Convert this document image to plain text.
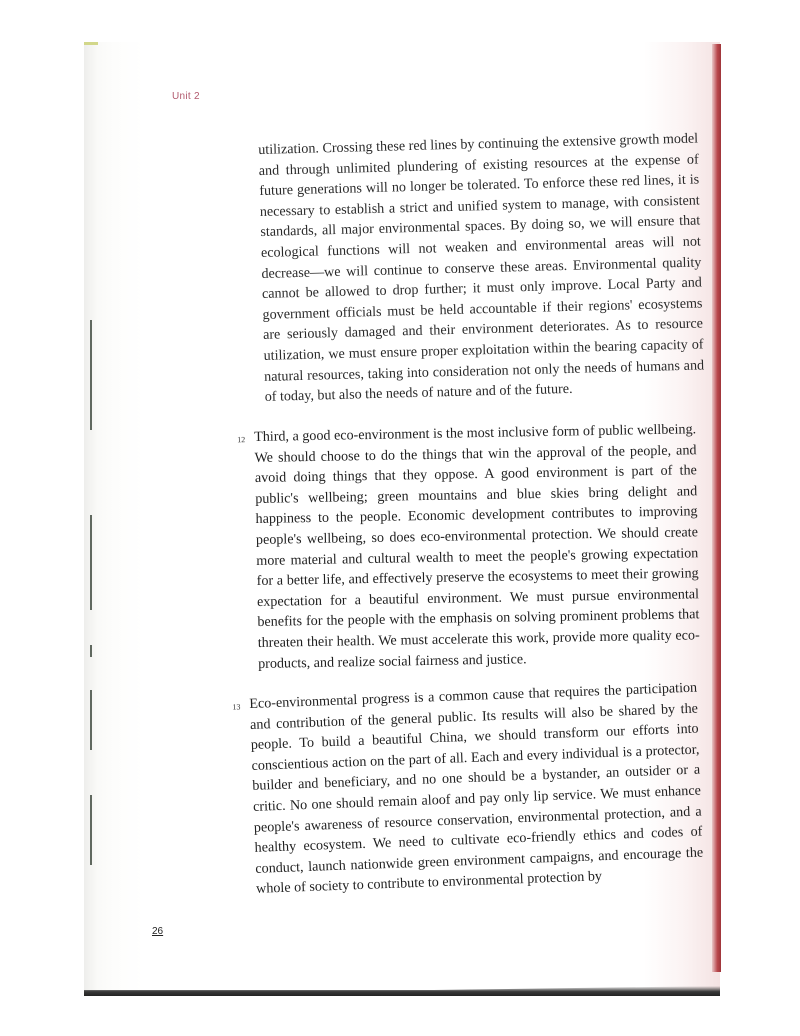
Unit 2

utilization. Crossing these red lines by continuing the extensive growth model and through unlimited plundering of existing resources at the expense of future generations will no longer be tolerated. To enforce these red lines, it is necessary to establish a strict and unified system to manage, with consistent standards, all major environmental spaces. By doing so, we will ensure that ecological functions will not weaken and environmental areas will not decrease—we will continue to conserve these areas. Environmental quality cannot be allowed to drop further; it must only improve. Local Party and government officials must be held accountable if their regions' ecosystems are seriously damaged and their environment deteriorates. As to resource utilization, we must ensure proper exploitation within the bearing capacity of natural resources, taking into consideration not only the needs of humans and of today, but also the needs of nature and of the future.

12 Third, a good eco-environment is the most inclusive form of public wellbeing. We should choose to do the things that win the approval of the people, and avoid doing things that they oppose. A good environment is part of the public's wellbeing; green mountains and blue skies bring delight and happiness to the people. Economic development contributes to improving people's wellbeing, so does eco-environmental protection. We should create more material and cultural wealth to meet the people's growing expectation for a better life, and effectively preserve the ecosystems to meet their growing expectation for a beautiful environment. We must pursue environmental benefits for the people with the emphasis on solving prominent problems that threaten their health. We must accelerate this work, provide more quality eco-products, and realize social fairness and justice.

13 Eco-environmental progress is a common cause that requires the participation and contribution of the general public. Its results will also be shared by the people. To build a beautiful China, we should transform our efforts into conscientious action on the part of all. Each and every individual is a protector, builder and beneficiary, and no one should be a bystander, an outsider or a critic. No one should remain aloof and pay only lip service. We must enhance people's awareness of resource conservation, environmental protection, and a healthy ecosystem. We need to cultivate eco-friendly ethics and codes of conduct, launch nationwide green environment campaigns, and encourage the whole of society to contribute to environmental protection by

26
